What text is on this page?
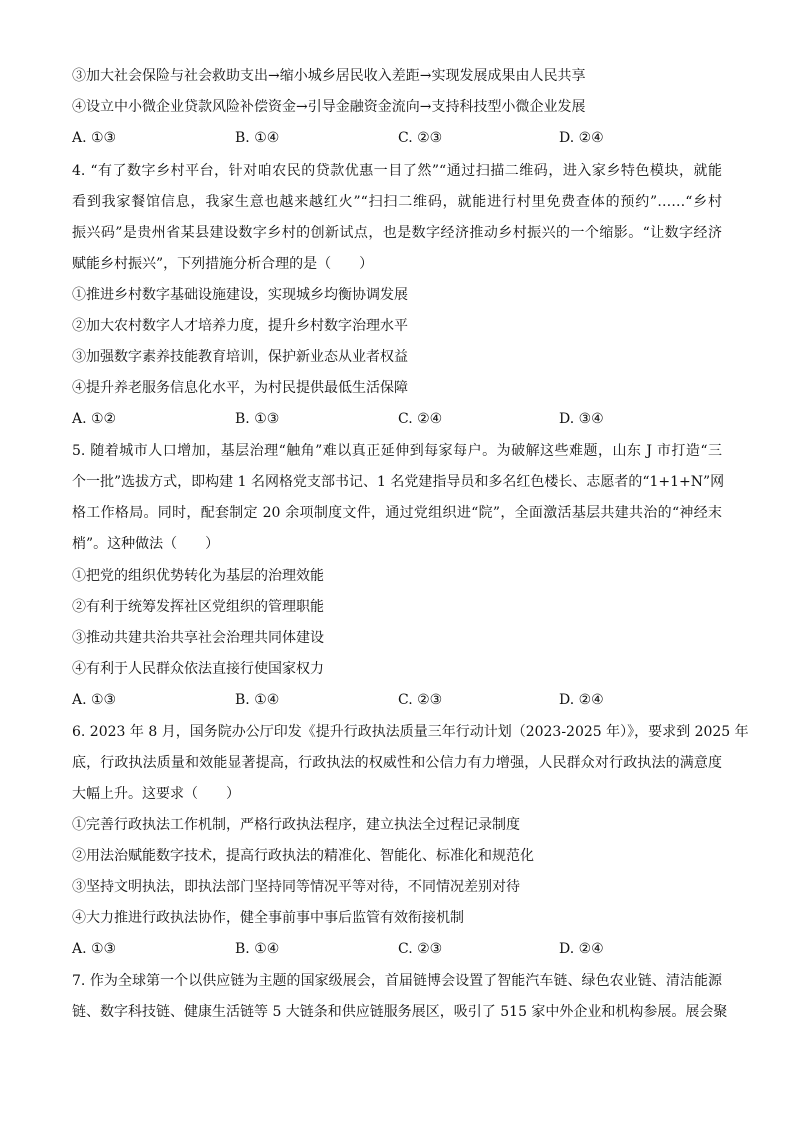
③加大社会保险与社会救助支出→缩小城乡居民收入差距→实现发展成果由人民共享
④设立中小微企业贷款风险补偿资金→引导金融资金流向→支持科技型小微企业发展
A. ①③	B. ①④	C. ②③	D. ②④
4. “有了数字乡村平台，针对咱农民的贷款优惠一目了然”“通过扫描二维码，进入家乡特色模块，就能
看到我家餐馆信息，我家生意也越来越红火”“扫扫二维码，就能进行村里免费查体的预约”……“乡村
振兴码”是贵州省某县建设数字乡村的创新试点，也是数字经济推动乡村振兴的一个缩影。“让数字经济
赋能乡村振兴”，下列措施分析合理的是（　　）
①推进乡村数字基础设施建设，实现城乡均衡协调发展
②加大农村数字人才培养力度，提升乡村数字治理水平
③加强数字素养技能教育培训，保护新业态从业者权益
④提升养老服务信息化水平，为村民提供最低生活保障
A. ①②	B. ①③	C. ②④	D. ③④
5. 随着城市人口增加，基层治理“触角”难以真正延伸到每家每户。为破解这些难题，山东 J 市打造“三
个一批”选拔方式，即构建 1 名网格党支部书记、1 名党建指导员和多名红色楼长、志愿者的“1+1+N”网
格工作格局。同时，配套制定 20 余项制度文件，通过党组织进“院”，全面激活基层共建共治的“神经末
梢”。这种做法（　　）
①把党的组织优势转化为基层的治理效能
②有利于统筹发挥社区党组织的管理职能
③推动共建共治共享社会治理共同体建设
④有利于人民群众依法直接行使国家权力
A. ①③	B. ①④	C. ②③	D. ②④
6. 2023 年 8 月，国务院办公厅印发《提升行政执法质量三年行动计划（2023-2025 年）》，要求到 2025 年
底，行政执法质量和效能显著提高，行政执法的权威性和公信力有力增强，人民群众对行政执法的满意度
大幅上升。这要求（　　）
①完善行政执法工作机制，严格行政执法程序，建立执法全过程记录制度
②用法治赋能数字技术，提高行政执法的精准化、智能化、标准化和规范化
③坚持文明执法，即执法部门坚持同等情况平等对待，不同情况差别对待
④大力推进行政执法协作，健全事前事中事后监管有效衔接机制
A. ①③	B. ①④	C. ②③	D. ②④
7. 作为全球第一个以供应链为主题的国家级展会，首届链博会设置了智能汽车链、绿色农业链、清洁能源
链、数字科技链、健康生活链等 5 大链条和供应链服务展区，吸引了 515 家中外企业和机构参展。展会聚
